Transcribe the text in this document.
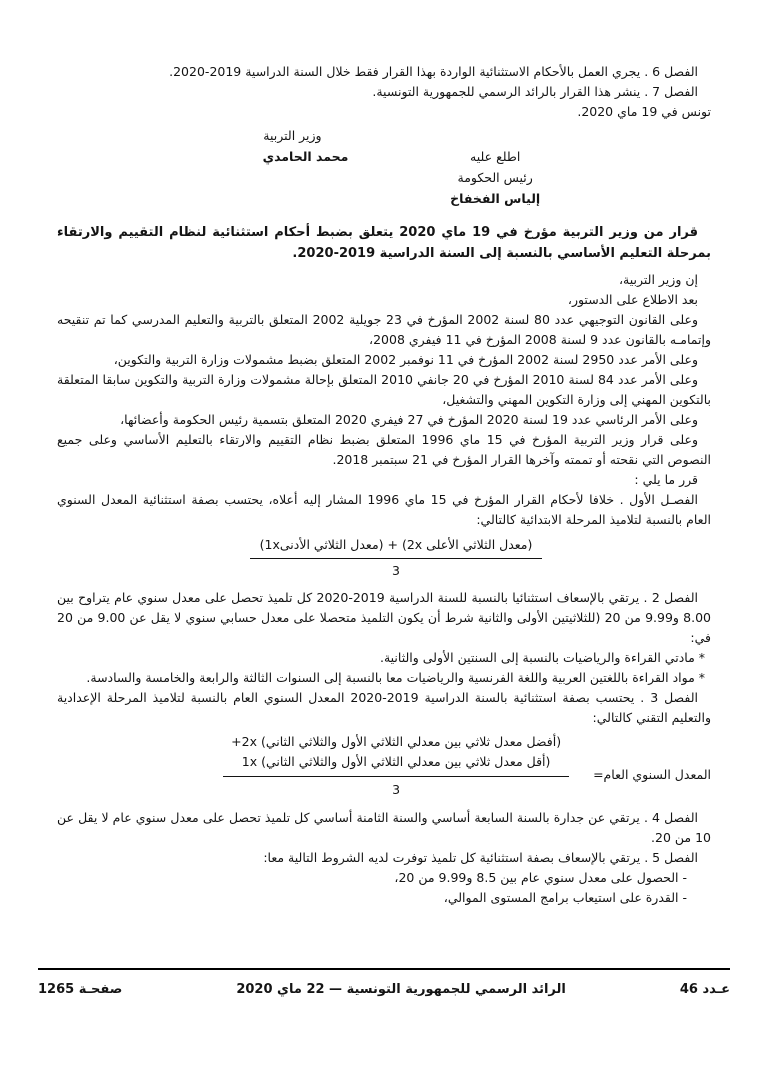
الفصل 6 . يجري العمل بالأحكام الاستثنائية الواردة بهذا القرار فقط خلال السنة الدراسية 2019‏-‏2020.

الفصل 7 . ينشر هذا القرار بالرائد الرسمي للجمهورية التونسية.

تونس في 19 ماي 2020.

وزير التربية
اطلع عليه
محمد الحامدي
رئيس الحكومة
إلياس الفخفاخ

قرار من وزير التربية مؤرخ في 19 ماي 2020 يتعلق بضبط أحكام استثنائية لنظام التقييم والارتقاء بمرحلة التعليم الأساسي بالنسبة إلى السنة الدراسية 2019‏-‏2020.

إن وزير التربية،

بعد الاطلاع على الدستور،

وعلى القانون التوجيهي عدد 80 لسنة 2002 المؤرخ في 23 جويلية 2002 المتعلق بالتربية والتعليم المدرسي كما تم تنقيحه وإتمامـه بالقانون عدد 9 لسنة 2008 المؤرخ في 11 فيفري 2008،

وعلى الأمر عدد 2950 لسنة 2002 المؤرخ في 11 نوفمبر 2002 المتعلق بضبط مشمولات وزارة التربية والتكوين،

وعلى الأمر عدد 84 لسنة 2010 المؤرخ في 20 جانفي 2010 المتعلق بإحالة مشمولات وزارة التربية والتكوين سابقا المتعلقة بالتكوين المهني إلى وزارة التكوين المهني والتشغيل،

وعلى الأمر الرئاسي عدد 19 لسنة 2020 المؤرخ في 27 فيفري 2020 المتعلق بتسمية رئيس الحكومة وأعضائها،

وعلى قرار وزير التربية المؤرخ في 15 ماي 1996 المتعلق بضبط نظام التقييم والارتقاء بالتعليم الأساسي وعلى جميع النصوص التي نقحته أو تممته وآخرها القرار المؤرخ في 21 سبتمبر 2018.

قرر ما يلي :

الفصـل الأول . خلافا لأحكام القرار المؤرخ في 15 ماي 1996 المشار إليه أعلاه، يحتسب بصفة استثنائية المعدل السنوي العام بالنسبة لتلاميذ المرحلة الابتدائية كالتالي:

$\frac{\text{(معدل الثلاثي الأعلى 2x) + (معدل الثلاثي الأدنى1x)}}{3}$

الفصل 2 . يرتقي بالإسعاف استثنائيا بالنسبة للسنة الدراسية 2019‏-‏2020 كل تلميذ تحصل على معدل سنوي عام يتراوح بين 8.00 و9.99 من 20 (للثلاثيتين الأولى والثانية شرط أن يكون التلميذ متحصلا على معدل حسابي سنوي لا يقل عن 9.00 من 20 في:

* مادتي القراءة والرياضيات بالنسبة إلى السنتين الأولى والثانية.

* مواد القراءة باللغتين العربية واللغة الفرنسية والرياضيات معا بالنسبة إلى السنوات الثالثة والرابعة والخامسة والسادسة.

الفصل 3 . يحتسب بصفة استثنائية بالسنة الدراسية 2019‏-‏2020 المعدل السنوي العام بالنسبة لتلاميذ المرحلة الإعدادية والتعليم التقني كالتالي:

المعدل السنوي العام=
(أفضل معدل ثلاثي بين معدلي الثلاثي الأول والثلاثي الثاني) 2x+
(أقل معدل ثلاثي بين معدلي الثلاثي الأول والثلاثي الثاني) 1x
3

الفصل 4 . يرتقي عن جدارة بالسنة السابعة أساسي والسنة الثامنة أساسي كل تلميذ تحصل على معدل سنوي عام لا يقل عن 10 من 20.

الفصل 5 . يرتقي بالإسعاف بصفة استثنائية كل تلميذ توفرت لديه الشروط التالية معا:

- الحصول على معدل سنوي عام بين 8.5 و9.99 من 20،

- القدرة على استيعاب برامج المستوى الموالي،

عـدد 46
الرائد الرسمي للجمهورية التونسية — 22 ماي 2020
صفحـة 1265
